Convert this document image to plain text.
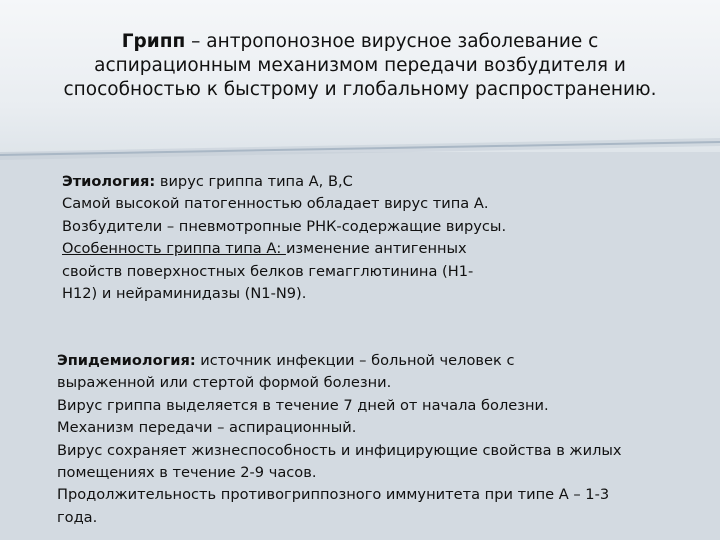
Грипп – антропонозное вирусное заболевание с
аспирационным механизмом передачи возбудителя и
способностью к быстрому и глобальному распространению.
Этиология: вирус гриппа типа А, В,С
Самой высокой патогенностью обладает вирус типа А.
Возбудители – пневмотропные РНК-содержащие вирусы.
Особенность гриппа типа А: изменение антигенных
свойств поверхностных белков гемагглютинина (Н1-
Н12) и нейраминидазы (N1-N9).
Эпидемиология: источник инфекции – больной человек с
выраженной или стертой формой болезни.
Вирус гриппа выделяется в течение 7 дней от начала болезни.
Механизм передачи – аспирационный.
Вирус сохраняет жизнеспособность и инфицирующие свойства в жилых
помещениях в течение 2-9 часов.
Продолжительность противогриппозного иммунитета при типе А – 1-3
года.
